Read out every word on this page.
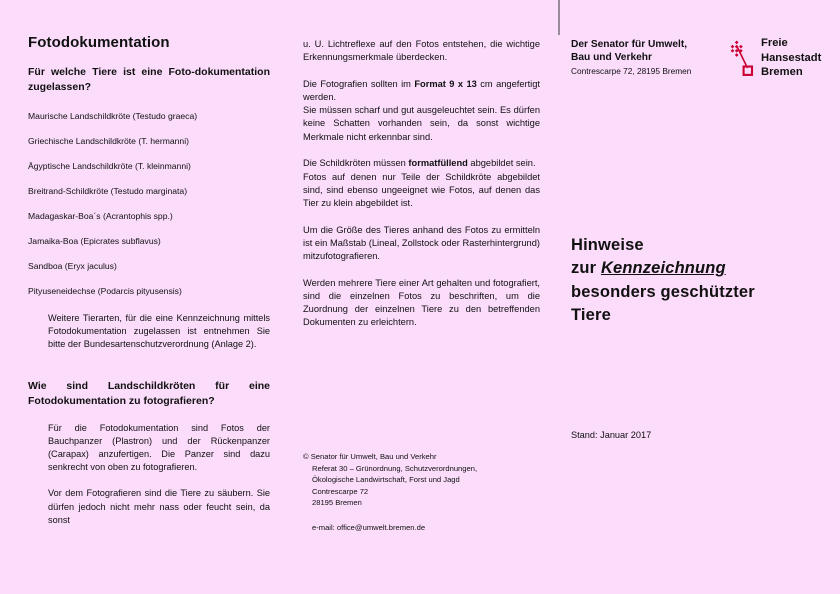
Fotodokumentation
Für welche Tiere ist eine Foto-dokumentation zugelassen?
Maurische Landschildkröte (Testudo graeca)
Griechische Landschildkröte (T. hermanni)
Ägyptische Landschildkröte (T. kleinmanni)
Breitrand-Schildkröte (Testudo marginata)
Madagaskar-Boa´s (Acrantophis spp.)
Jamaika-Boa (Epicrates subflavus)
Sandboa (Eryx jaculus)
Pityuseneidechse (Podarcis pityusensis)

Weitere Tierarten, für die eine Kennzeichnung mittels Fotodokumentation zugelassen ist entnehmen Sie bitte der Bundesartenschutzverordnung (Anlage 2).

Wie sind Landschildkröten für eine Fotodokumentation zu fotografieren?

Für die Fotodokumentation sind Fotos der Bauchpanzer (Plastron) und der Rückenpanzer (Carapax) anzufertigen. Die Panzer sind dazu senkrecht von oben zu fotografieren.

Vor dem Fotografieren sind die Tiere zu säubern. Sie dürfen jedoch nicht mehr nass oder feucht sein, da sonst

u. U. Lichtreflexe auf den Fotos entstehen, die wichtige Erkennungsmerkmale überdecken.

Die Fotografien sollten im Format 9 x 13 cm angefertigt werden.

Sie müssen scharf und gut ausgeleuchtet sein. Es dürfen keine Schatten vorhanden sein, da sonst wichtige Merkmale nicht erkennbar sind.

Die Schildkröten müssen formatfüllend abgebildet sein.

Fotos auf denen nur Teile der Schildkröte abgebildet sind, sind ebenso ungeeignet wie Fotos, auf denen das Tier zu klein abgebildet ist.

Um die Größe des Tieres anhand des Fotos zu ermitteln ist ein Maßstab (Lineal, Zollstock oder Rasterhintergrund) mitzufotografieren.

Werden mehrere Tiere einer Art gehalten und fotografiert, sind die einzelnen Fotos zu beschriften, um die Zuordnung der einzelnen Tiere zu den betreffenden Dokumenten zu erleichtern.

© Senator für Umwelt, Bau und Verkehr
Referat 30 – Grünordnung, Schutzverordnungen,
Ökologische Landwirtschaft, Forst und Jagd
Contrescarpe 72
28195 Bremen
e-mail: office@umwelt.bremen.de
Der Senator für Umwelt,
Bau und Verkehr
Contrescarpe 72, 28195 Bremen
Freie
Hansestadt
Bremen
Hinweise
zur Kennzeichnung
besonders geschützter
Tiere
Stand: Januar 2017
